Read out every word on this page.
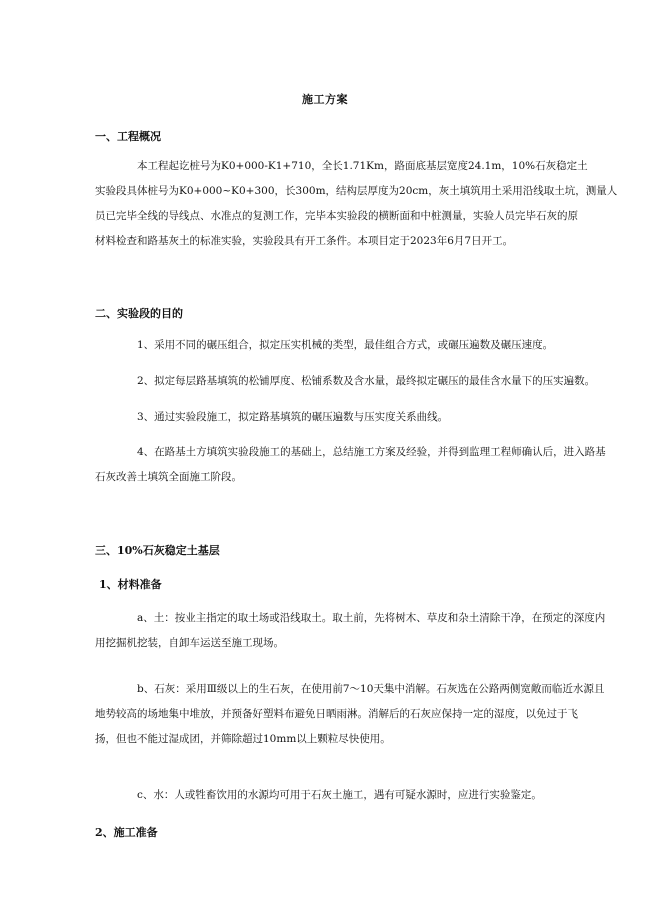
施工方案
一、工程概况
本工程起讫桩号为K0+000-K1+710，全长1.71Km，路面底基层宽度24.1m，10%石灰稳定土
实验段具体桩号为K0+000~K0+300，长300m，结构层厚度为20cm，灰土填筑用土采用沿线取土坑，测量人
员已完毕全线的导线点、水准点的复测工作，完毕本实验段的横断面和中桩测量，实验人员完毕石灰的原
材料检查和路基灰土的标准实验，实验段具有开工条件。本项目定于2023年6月7日开工。
二、实验段的目的
1、采用不同的碾压组合，拟定压实机械的类型，最佳组合方式，或碾压遍数及碾压速度。
2、拟定每层路基填筑的松铺厚度、松铺系数及含水量，最终拟定碾压的最佳含水量下的压实遍数。
3、通过实验段施工，拟定路基填筑的碾压遍数与压实度关系曲线。
4、在路基土方填筑实验段施工的基础上，总结施工方案及经验，并得到监理工程师确认后，进入路基
石灰改善土填筑全面施工阶段。
三、10%石灰稳定土基层
1、材料准备
a、土：按业主指定的取土场或沿线取土。取土前，先将树木、草皮和杂土清除干净，在预定的深度内
用挖掘机挖装，自卸车运送至施工现场。
b、石灰：采用Ⅲ级以上的生石灰，在使用前7～10天集中消解。石灰选在公路两侧宽敞而临近水源且
地势较高的场地集中堆放，并预备好塑料布避免日晒雨淋。消解后的石灰应保持一定的湿度，以免过于飞
扬，但也不能过湿成团，并筛除超过10mm以上颗粒尽快使用。
c、水：人或牲畜饮用的水源均可用于石灰土施工，遇有可疑水源时，应进行实验鉴定。
2、施工准备
